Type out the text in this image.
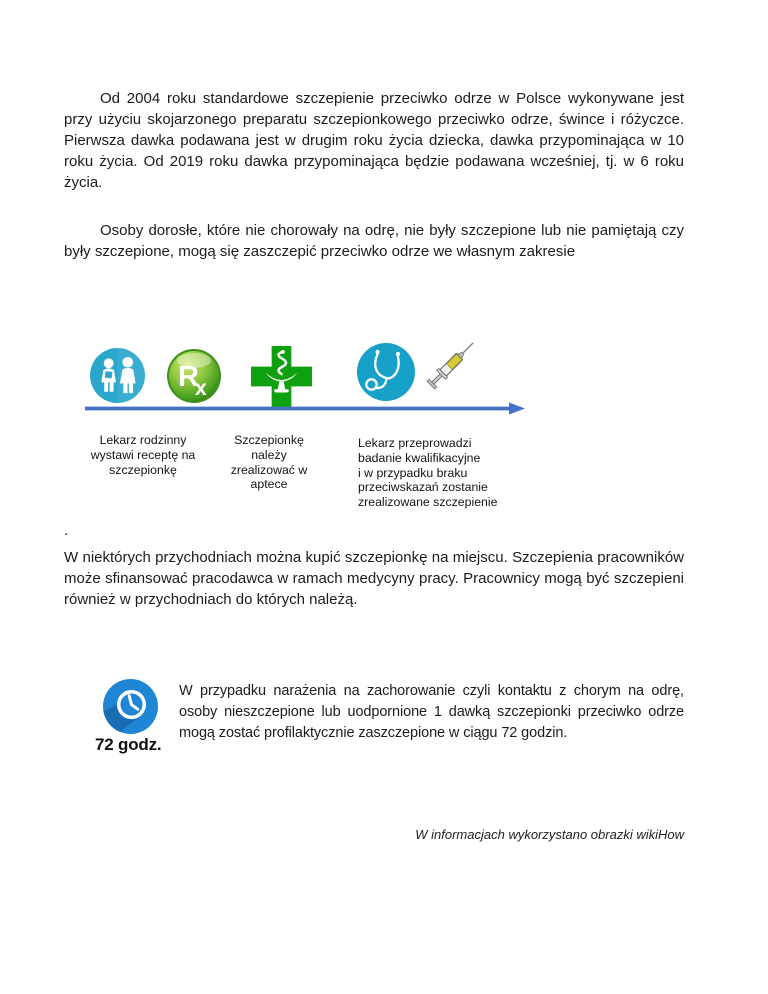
Od 2004 roku standardowe szczepienie przeciwko odrze w Polsce wykonywane jest przy użyciu skojarzonego preparatu szczepionkowego przeciwko odrze, śwince i różyczce. Pierwsza dawka podawana jest w drugim roku życia dziecka, dawka przypominająca w 10 roku życia. Od 2019 roku dawka przypominająca będzie podawana wcześniej, tj. w 6 roku życia.

Osoby dorosłe, które nie chorowały na odrę, nie były szczepione lub nie pamiętają czy były szczepione, mogą się zaszczepić przeciwko odrze we własnym zakresie

R
x
Lekarz rodzinny
wystawi receptę na
szczepionkę
Szczepionkę
należy
zrealizować w
aptece
Lekarz przeprowadzi
badanie kwalifikacyjne
i w przypadku braku
przeciwskazań zostanie
zrealizowane szczepienie

.

W niektórych przychodniach można kupić szczepionkę na miejscu. Szczepienia pracowników może sfinansować pracodawca w ramach medycyny pracy. Pracownicy mogą być szczepieni również w przychodniach do których należą.

72 godz.

W przypadku narażenia na zachorowanie czyli kontaktu z chorym na odrę, osoby nieszczepione lub uodpornione 1 dawką szczepionki przeciwko odrze mogą zostać profilaktycznie zaszczepione w ciągu 72 godzin.

W informacjach wykorzystano obrazki wikiHow
